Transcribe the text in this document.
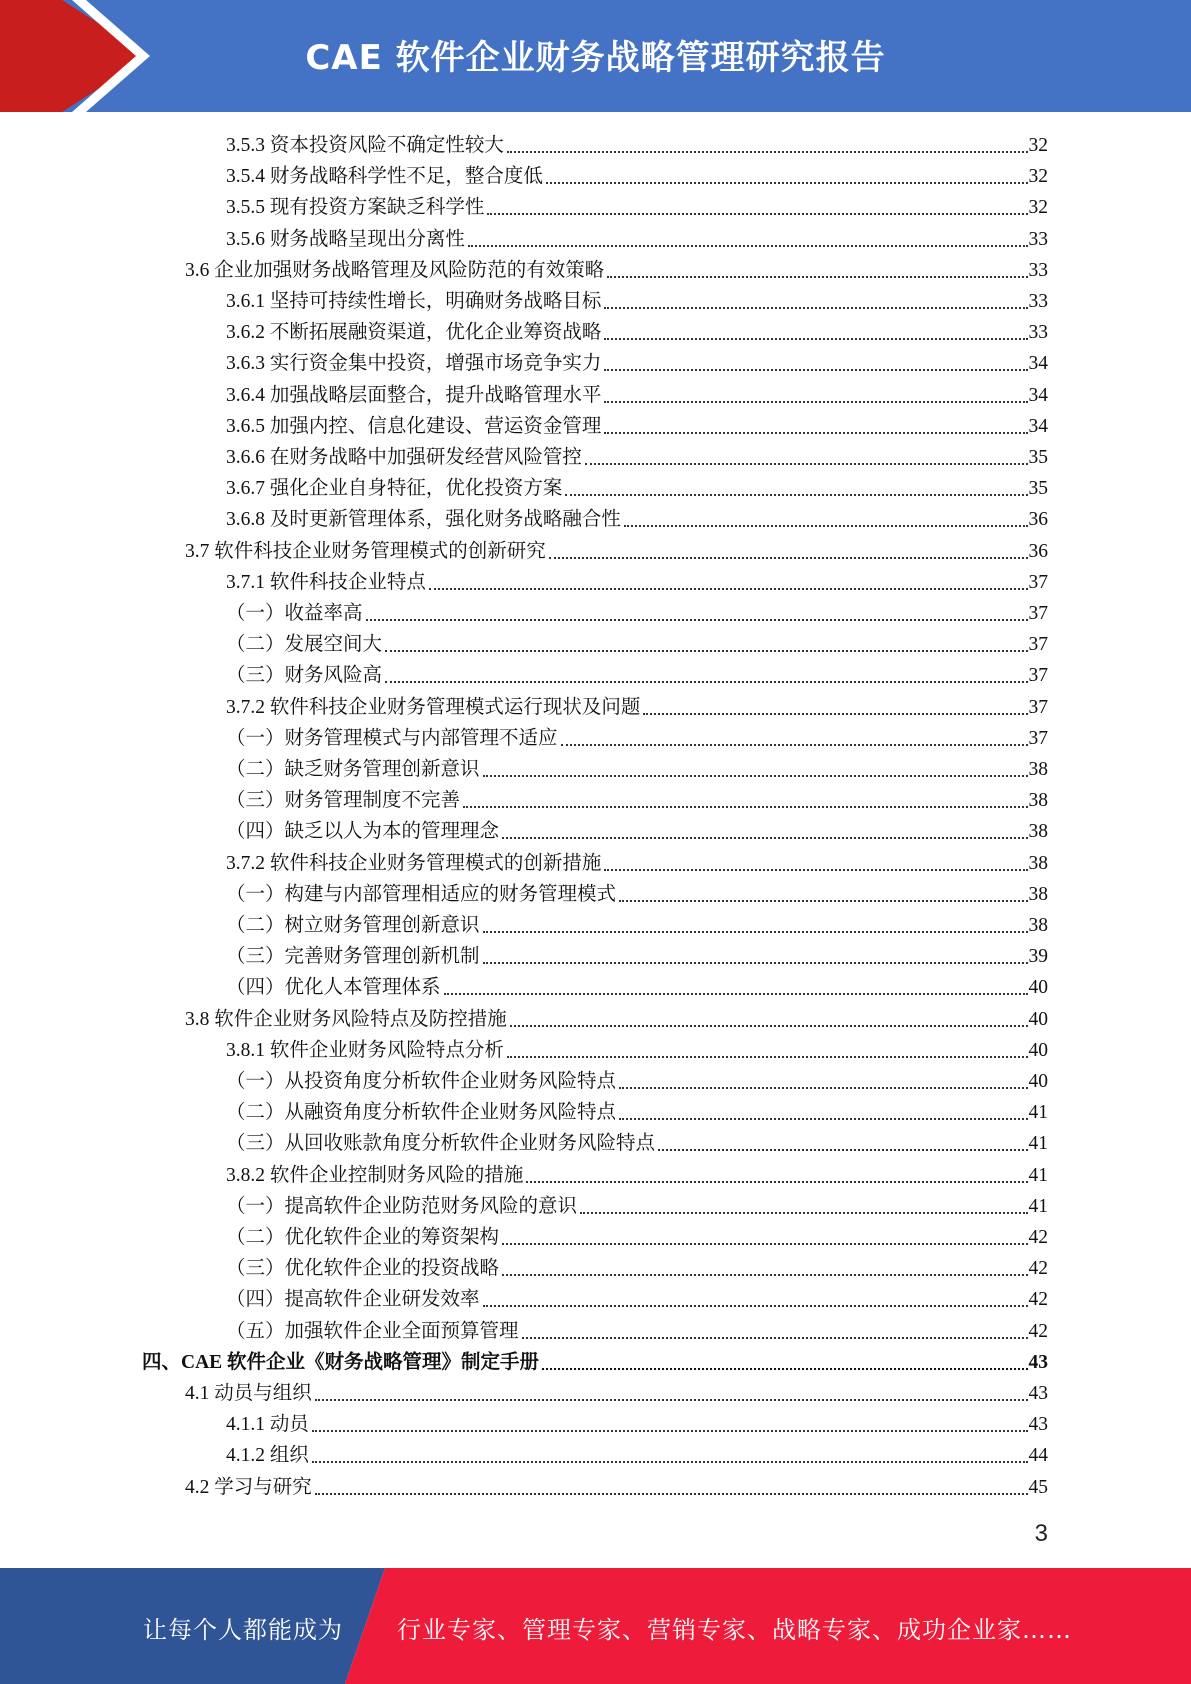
CAE 软件企业财务战略管理研究报告
3.5.3 资本投资风险不确定性较大	32
3.5.4 财务战略科学性不足，整合度低	32
3.5.5 现有投资方案缺乏科学性	32
3.5.6 财务战略呈现出分离性	33
3.6 企业加强财务战略管理及风险防范的有效策略	33
3.6.1 坚持可持续性增长，明确财务战略目标	33
3.6.2 不断拓展融资渠道，优化企业筹资战略	33
3.6.3 实行资金集中投资，增强市场竞争实力	34
3.6.4 加强战略层面整合，提升战略管理水平	34
3.6.5 加强内控、信息化建设、营运资金管理	34
3.6.6 在财务战略中加强研发经营风险管控	35
3.6.7 强化企业自身特征，优化投资方案	35
3.6.8 及时更新管理体系，强化财务战略融合性	36
3.7 软件科技企业财务管理模式的创新研究	36
3.7.1 软件科技企业特点	37
（一）收益率高	37
（二）发展空间大	37
（三）财务风险高	37
3.7.2 软件科技企业财务管理模式运行现状及问题	37
（一）财务管理模式与内部管理不适应	37
（二）缺乏财务管理创新意识	38
（三）财务管理制度不完善	38
（四）缺乏以人为本的管理理念	38
3.7.2 软件科技企业财务管理模式的创新措施	38
（一）构建与内部管理相适应的财务管理模式	38
（二）树立财务管理创新意识	38
（三）完善财务管理创新机制	39
（四）优化人本管理体系	40
3.8 软件企业财务风险特点及防控措施	40
3.8.1 软件企业财务风险特点分析	40
（一）从投资角度分析软件企业财务风险特点	40
（二）从融资角度分析软件企业财务风险特点	41
（三）从回收账款角度分析软件企业财务风险特点	41
3.8.2 软件企业控制财务风险的措施	41
（一）提高软件企业防范财务风险的意识	41
（二）优化软件企业的筹资架构	42
（三）优化软件企业的投资战略	42
（四）提高软件企业研发效率	42
（五）加强软件企业全面预算管理	42
四、CAE 软件企业《财务战略管理》制定手册	43
4.1 动员与组织	43
4.1.1 动员	43
4.1.2 组织	44
4.2 学习与研究	45
3
让每个人都能成为 行业专家、管理专家、营销专家、战略专家、成功企业家……
